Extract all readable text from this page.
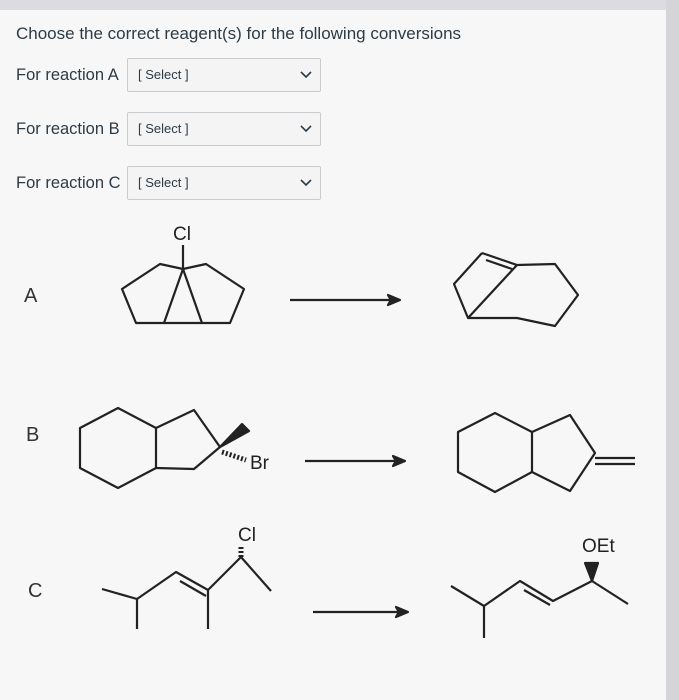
Choose the correct reagent(s) for the following conversions
For reaction A [ Select ]
For reaction B [ Select ]
For reaction C [ Select ]
A
Cl
B
Br
C
Cl
OEt
